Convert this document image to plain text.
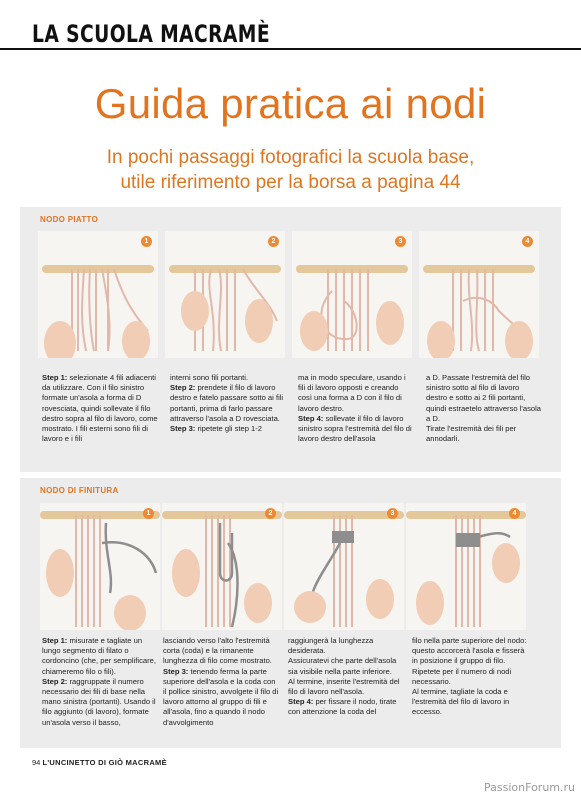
LA SCUOLA MACRAMÈ
Guida pratica ai nodi
In pochi passaggi fotografici la scuola base,
utile riferimento per la borsa a pagina 44
NODO PIATTO
1	2	3	4

Step 1: selezionate 4 fili adiacenti da utilizzare. Con il filo sinistro formate un'asola a forma di D rovesciata, quindi sollevate il filo destro sopra al filo di lavoro, come mostrato. I fili esterni sono fili di lavoro e i fili

interni sono fili portanti.

Step 2: prendete il filo di lavoro destro e fatelo passare sotto ai fili portanti, prima di farlo passare attraverso l'asola a D rovesciata.

Step 3: ripetete gli step 1-2

ma in modo speculare, usando i fili di lavoro opposti e creando così una forma a D con il filo di lavoro destro.

Step 4: sollevate il filo di lavoro sinistro sopra l'estremità del filo di lavoro destro dell'asola

a D. Passate l'estremità del filo sinistro sotto al filo di lavoro destro e sotto ai 2 fili portanti, quindi estraetelo attraverso l'asola a D.

Tirate l'estremità dei fili per annodarli.

NODO DI FINITURA
1	2	3	4

Step 1: misurate e tagliate un lungo segmento di filato o cordoncino (che, per semplificare, chiameremo filo o fili).

Step 2: raggruppate il numero necessario dei fili di base nella mano sinistra (portanti). Usando il filo aggiunto (di lavoro), formate un'asola verso il basso,

lasciando verso l'alto l'estremità corta (coda) e la rimanente lunghezza di filo come mostrato.

Step 3: tenendo ferma la parte superiore dell'asola e la coda con il pollice sinistro, avvolgete il filo di lavoro attorno al gruppo di fili e all'asola, fino a quando il nodo d'avvolgimento

raggiungerà la lunghezza desiderata.

Assicuratevi che parte dell'asola sia visibile nella parte inferiore.

Al termine, inserite l'estremità del filo di lavoro nell'asola.

Step 4: per fissare il nodo, tirate con attenzione la coda del

filo nella parte superiore del nodo: questo accorcerà l'asola e fisserà in posizione il gruppo di filo.

Ripetete per il numero di nodi necessario.

Al termine, tagliate la coda e l'estremità del filo di lavoro in eccesso.

94 L'UNCINETTO DI GIÒ MACRAMÈ
PassionForum.ru
